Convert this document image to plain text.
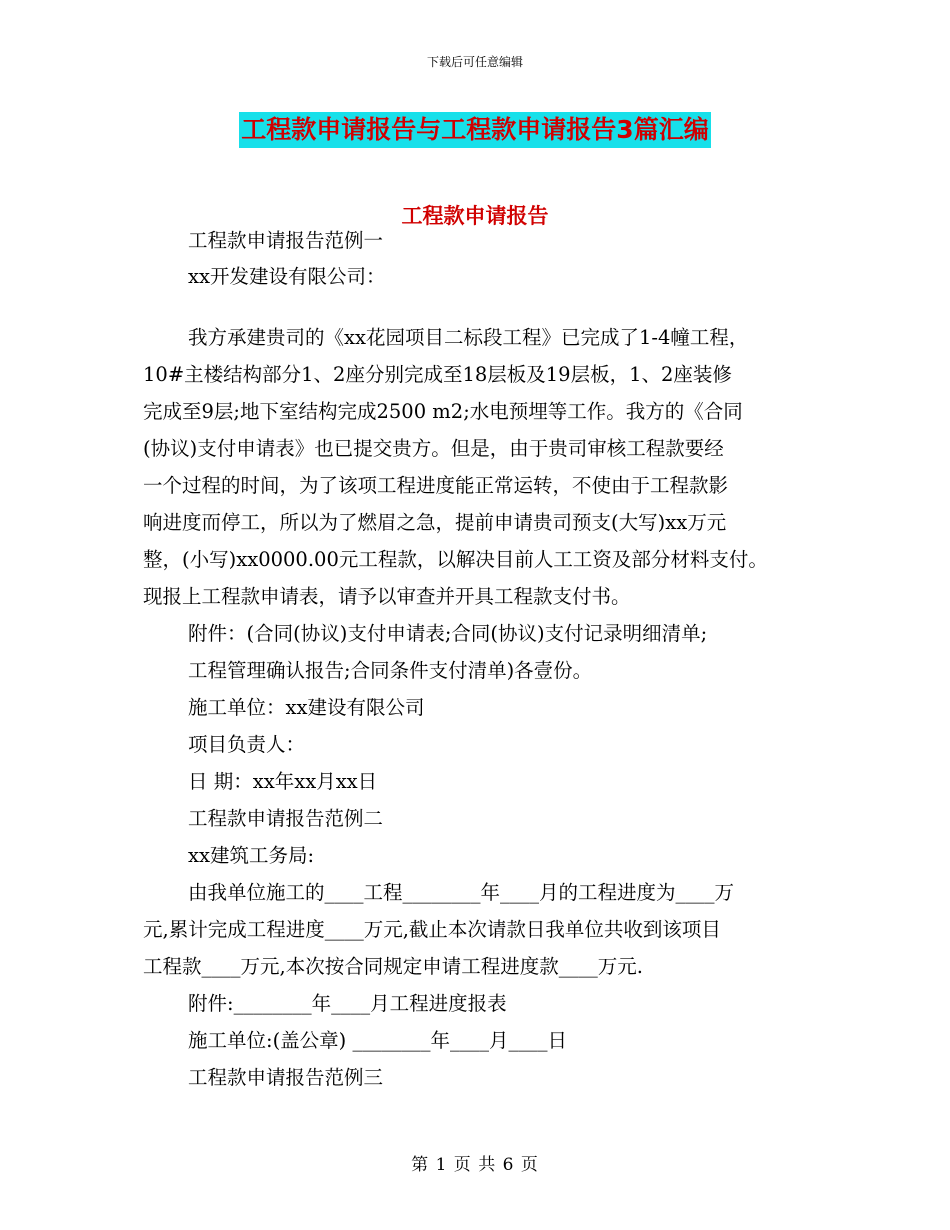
下载后可任意编辑
工程款申请报告与工程款申请报告3篇汇编
工程款申请报告
工程款申请报告范例一
xx开发建设有限公司：
我方承建贵司的《xx花园项目二标段工程》已完成了1-4幢工程，
10#主楼结构部分1、2座分别完成至18层板及19层板，1、2座装修
完成至9层;地下室结构完成2500 m2;水电预埋等工作。我方的《合同
(协议)支付申请表》也已提交贵方。但是，由于贵司审核工程款要经
一个过程的时间，为了该项工程进度能正常运转，不使由于工程款影
响进度而停工，所以为了燃眉之急，提前申请贵司预支(大写)xx万元
整，(小写)xx0000.00元工程款，以解决目前人工工资及部分材料支付。
现报上工程款申请表，请予以审查并开具工程款支付书。
附件：(合同(协议)支付申请表;合同(协议)支付记录明细清单;
工程管理确认报告;合同条件支付清单)各壹份。
施工单位：xx建设有限公司
项目负责人：
日 期：xx年xx月xx日
工程款申请报告范例二
xx建筑工务局:
由我单位施工的____工程________年____月的工程进度为____万
元,累计完成工程进度____万元,截止本次请款日我单位共收到该项目
工程款____万元,本次按合同规定申请工程进度款____万元.
附件:________年____月工程进度报表
施工单位:(盖公章) ________年____月____日
工程款申请报告范例三
第 1 页 共 6 页
